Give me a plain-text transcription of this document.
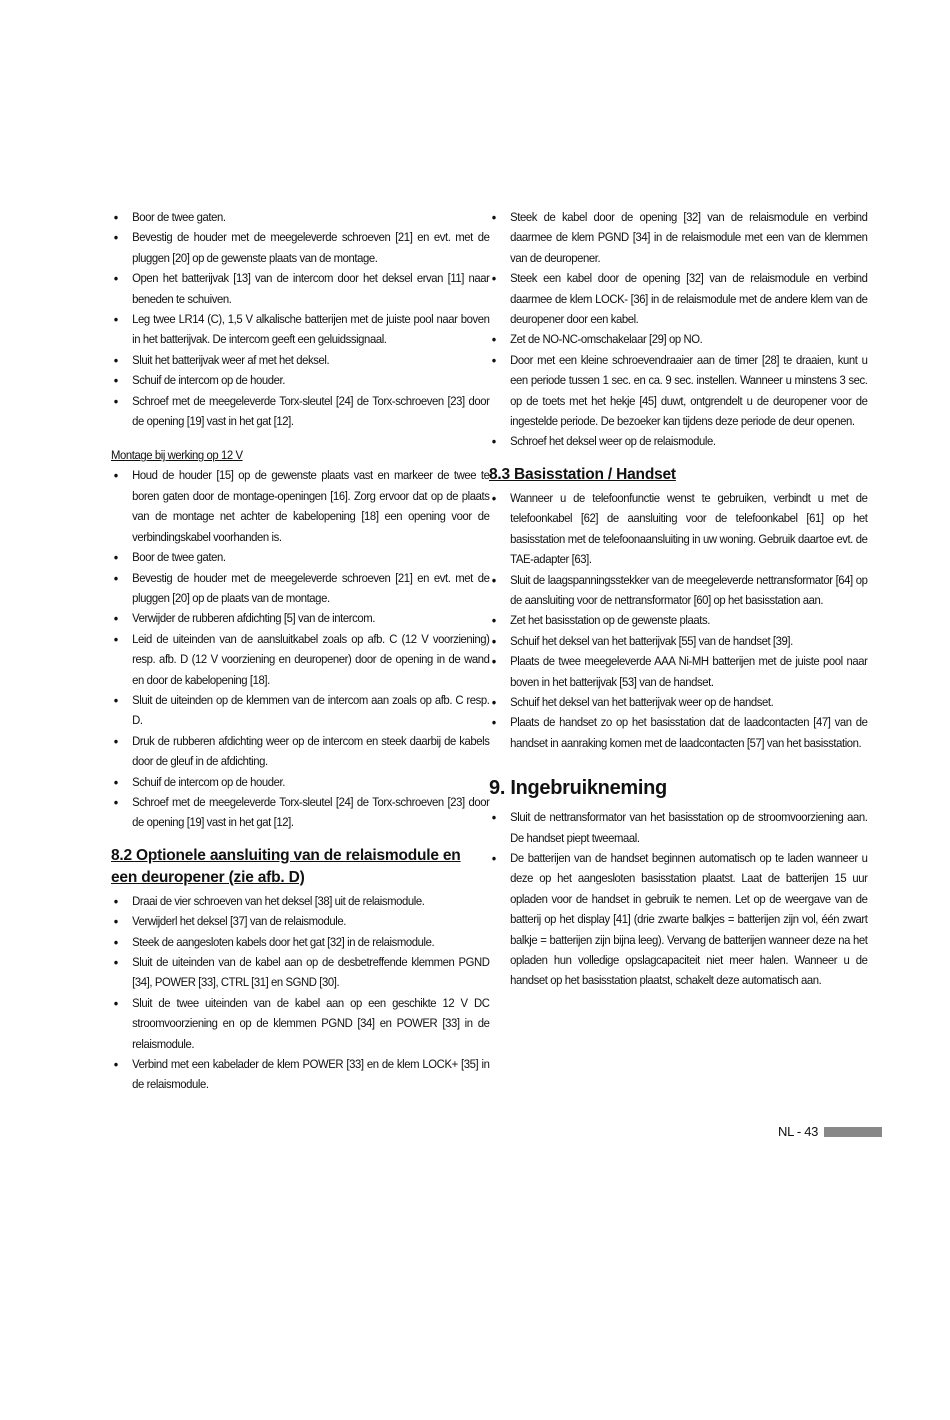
• Boor de twee gaten.
• Bevestig de houder met de meegeleverde schroeven [21] en evt. met de pluggen [20] op de gewenste plaats van de montage.
• Open het batterijvak [13] van de intercom door het deksel ervan [11] naar beneden te schuiven.
• Leg twee LR14 (C), 1,5 V alkalische batterijen met de juiste pool naar boven in het batterijvak. De intercom geeft een geluidssignaal.
• Sluit het batterijvak weer af met het deksel.
• Schuif de intercom op de houder.
• Schroef met de meegeleverde Torx-sleutel [24] de Torx-schroeven [23] door de opening [19] vast in het gat [12].
Montage bij werking op 12 V
• Houd de houder [15] op de gewenste plaats vast en markeer de twee te boren gaten door de montage-openingen [16]. Zorg ervoor dat op de plaats van de montage net achter de kabelopening [18] een opening voor de verbindingskabel voorhanden is.
• Boor de twee gaten.
• Bevestig de houder met de meegeleverde schroeven [21] en evt. met de pluggen [20] op de plaats van de montage.
• Verwijder de rubberen afdichting [5] van de intercom.
• Leid de uiteinden van de aansluitkabel zoals op afb. C (12 V voorziening) resp. afb. D (12 V voorziening en deuropener) door de opening in de wand en door de kabelopening [18].
• Sluit de uiteinden op de klemmen van de intercom aan zoals op afb. C resp. D.
• Druk de rubberen afdichting weer op de intercom en steek daarbij de kabels door de gleuf in de afdichting.
• Schuif de intercom op de houder.
• Schroef met de meegeleverde Torx-sleutel [24] de Torx-schroeven [23] door de opening [19] vast in het gat [12].
8.2 Optionele aansluiting van de relaismodule en een deuropener (zie afb. D)
• Draai de vier schroeven van het deksel [38] uit de relaismodule.
• Verwijderl het deksel [37] van de relaismodule.
• Steek de aangesloten kabels door het gat [32] in de relaismodule.
• Sluit de uiteinden van de kabel aan op de desbetreffende klemmen PGND [34], POWER [33], CTRL [31] en SGND [30].
• Sluit de twee uiteinden van de kabel aan op een geschikte 12 V DC stroomvoorziening en op de klemmen PGND [34] en POWER [33] in de relaismodule.
• Verbind met een kabelader de klem POWER [33] en de klem LOCK+ [35] in de relaismodule.
• Steek de kabel door de opening [32] van de relaismodule en verbind daarmee de klem PGND [34] in de relaismodule met een van de klemmen van de deuropener.
• Steek een kabel door de opening [32] van de relaismodule en verbind daarmee de klem LOCK- [36] in de relaismodule met de andere klem van de deuropener door een kabel.
• Zet de NO-NC-omschakelaar [29] op NO.
• Door met een kleine schroevendraaier aan de timer [28] te draaien, kunt u een periode tussen 1 sec. en ca. 9 sec. instellen. Wanneer u minstens 3 sec. op de toets met het hekje [45] duwt, ontgrendelt u de deuropener voor de ingestelde periode. De bezoeker kan tijdens deze periode de deur openen.
• Schroef het deksel weer op de relaismodule.
8.3 Basisstation / Handset
• Wanneer u de telefoonfunctie wenst te gebruiken, verbindt u met de telefoonkabel [62] de aansluiting voor de telefoonkabel [61] op het basisstation met de telefoonaansluiting in uw woning. Gebruik daartoe evt. de TAE-adapter [63].
• Sluit de laagspanningsstekker van de meegeleverde nettransformator [64] op de aansluiting voor de nettransformator [60] op het basisstation aan.
• Zet het basisstation op de gewenste plaats.
• Schuif het deksel van het batterijvak [55] van de handset [39].
• Plaats de twee meegeleverde AAA Ni-MH batterijen met de juiste pool naar boven in het batterijvak [53] van de handset.
• Schuif het deksel van het batterijvak weer op de handset.
• Plaats de handset zo op het basisstation dat de laadcontacten [47] van de handset in aanraking komen met de laadcontacten [57] van het basisstation.
9. Ingebruikneming
• Sluit de nettransformator van het basisstation op de stroomvoorziening aan. De handset piept tweemaal.
• De batterijen van de handset beginnen automatisch op te laden wanneer u deze op het aangesloten basisstation plaatst. Laat de batterijen 15 uur opladen voor de handset in gebruik te nemen. Let op de weergave van de batterij op het display [41] (drie zwarte balkjes = batterijen zijn vol, één zwart balkje = batterijen zijn bijna leeg). Vervang de batterijen wanneer deze na het opladen hun volledige opslagcapaciteit niet meer halen. Wanneer u de handset op het basisstation plaatst, schakelt deze automatisch aan.
NL - 43
